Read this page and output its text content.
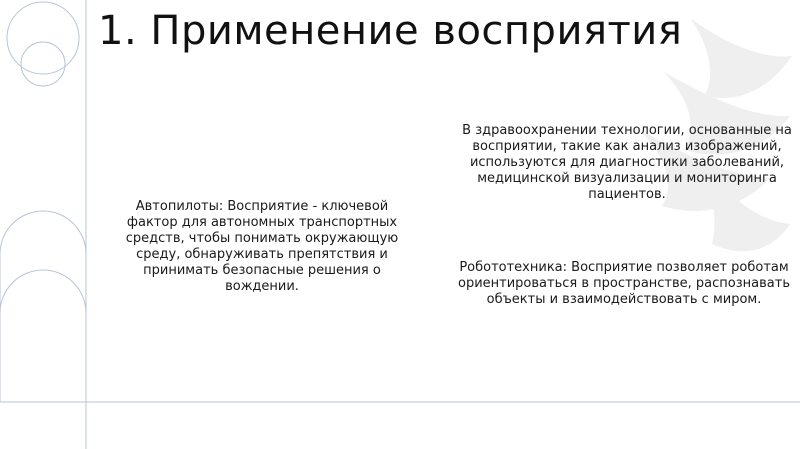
1. Применение восприятия

Автопилоты: Восприятие - ключевой фактор для автономных транспортных средств, чтобы понимать окружающую среду, обнаруживать препятствия и принимать безопасные решения о вождении.

В здравоохранении технологии, основанные на восприятии, такие как анализ изображений, используются для диагностики заболеваний, медицинской визуализации и мониторинга пациентов.

Робототехника: Восприятие позволяет роботам ориентироваться в пространстве, распознавать объекты и взаимодействовать с миром.
